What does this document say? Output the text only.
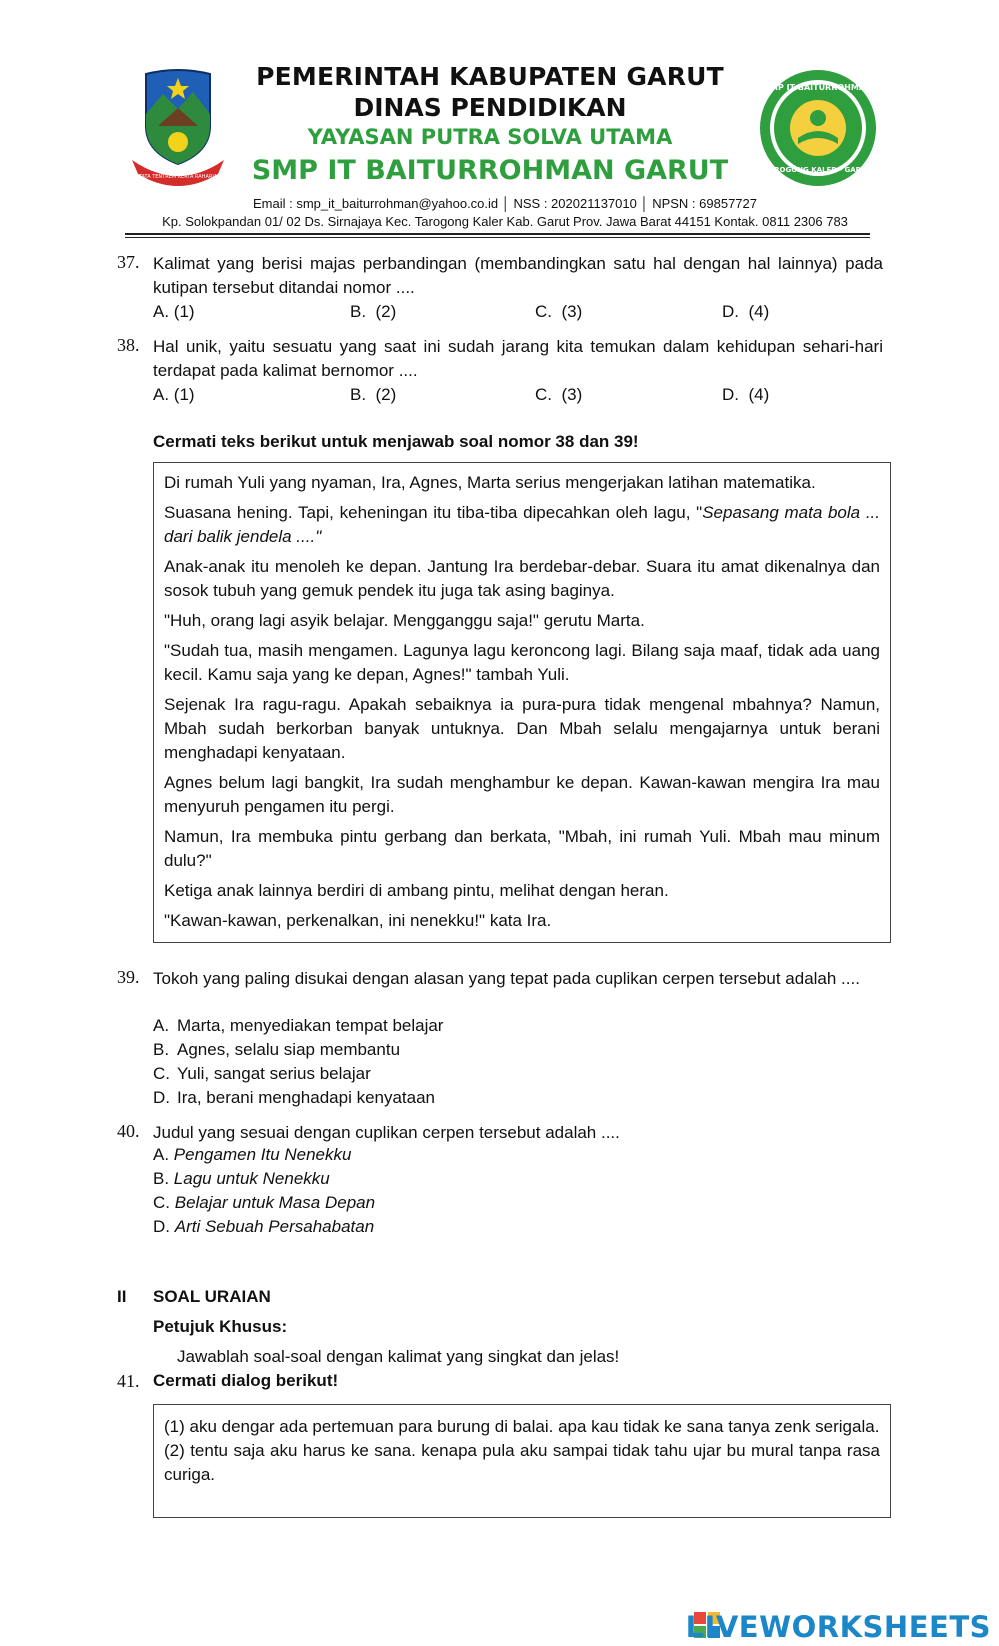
TATA TENTREM KERTA RAHARJA
PEMERINTAH KABUPATEN GARUT
DINAS PENDIDIKAN
YAYASAN PUTRA SOLVA UTAMA
SMP IT BAITURROHMAN GARUT
SMP IT BAITURROHMAN
TAROGONG KALER - GARUT
Email : smp_it_baiturrohman@yahoo.co.id │ NSS : 202021137010 │ NPSN : 69857727
Kp. Solokpandan 01/ 02 Ds. Sirnajaya Kec. Tarogong Kaler Kab. Garut Prov. Jawa Barat 44151 Kontak. 0811 2306 783
37. Kalimat yang berisi majas perbandingan (membandingkan satu hal dengan hal lainnya) pada kutipan tersebut ditandai nomor ....
A. (1)	B. (2)	C. (3)	D. (4)
38. Hal unik, yaitu sesuatu yang saat ini sudah jarang kita temukan dalam kehidupan sehari-hari terdapat pada kalimat bernomor ....
A. (1)	B. (2)	C. (3)	D. (4)
Cermati teks berikut untuk menjawab soal nomor 38 dan 39!

Di rumah Yuli yang nyaman, Ira, Agnes, Marta serius mengerjakan latihan matematika.

Suasana hening. Tapi, keheningan itu tiba-tiba dipecahkan oleh lagu, "Sepasang mata bola ... dari balik jendela ...."

Anak-anak itu menoleh ke depan. Jantung Ira berdebar-debar. Suara itu amat dikenalnya dan sosok tubuh yang gemuk pendek itu juga tak asing baginya.

"Huh, orang lagi asyik belajar. Mengganggu saja!" gerutu Marta.

"Sudah tua, masih mengamen. Lagunya lagu keroncong lagi. Bilang saja maaf, tidak ada uang kecil. Kamu saja yang ke depan, Agnes!" tambah Yuli.

Sejenak Ira ragu-ragu. Apakah sebaiknya ia pura-pura tidak mengenal mbahnya? Namun, Mbah sudah berkorban banyak untuknya. Dan Mbah selalu mengajarnya untuk berani menghadapi kenyataan.

Agnes belum lagi bangkit, Ira sudah menghambur ke depan. Kawan-kawan mengira Ira mau menyuruh pengamen itu pergi.

Namun, Ira membuka pintu gerbang dan berkata, "Mbah, ini rumah Yuli. Mbah mau minum dulu?"

Ketiga anak lainnya berdiri di ambang pintu, melihat dengan heran.

"Kawan-kawan, perkenalkan, ini nenekku!" kata Ira.

39. Tokoh yang paling disukai dengan alasan yang tepat pada cuplikan cerpen tersebut adalah ....
A. Marta, menyediakan tempat belajar
B. Agnes, selalu siap membantu
C. Yuli, sangat serius belajar
D. Ira, berani menghadapi kenyataan
40. Judul yang sesuai dengan cuplikan cerpen tersebut adalah ....
A. Pengamen Itu Nenekku
B. Lagu untuk Nenekku
C. Belajar untuk Masa Depan
D. Arti Sebuah Persahabatan
II SOAL URAIAN
Petujuk Khusus:
Jawablah soal-soal dengan kalimat yang singkat dan jelas!
41. Cermati dialog berikut!

(1) aku dengar ada pertemuan para burung di balai. apa kau tidak ke sana tanya zenk serigala.

(2) tentu saja aku harus ke sana. kenapa pula aku sampai tidak tahu ujar bu mural tanpa rasa curiga.

LIVEWORKSHEETS
